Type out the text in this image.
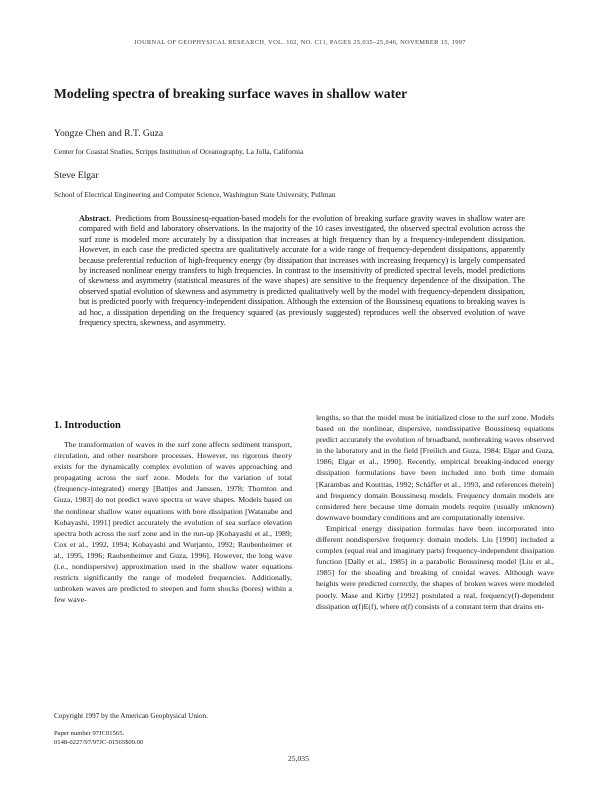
JOURNAL OF GEOPHYSICAL RESEARCH, VOL. 102, NO. C11, PAGES 25,035–25,046, NOVEMBER 15, 1997
Modeling spectra of breaking surface waves in shallow water
Yongze Chen and R.T. Guza
Center for Coastal Studies, Scripps Institution of Oceanography, La Jolla, California
Steve Elgar
School of Electrical Engineering and Computer Science, Washington State University, Pullman

Abstract. Predictions from Boussinesq-equation-based models for the evolution of breaking surface gravity waves in shallow water are compared with field and laboratory observations. In the majority of the 10 cases investigated, the observed spectral evolution across the surf zone is modeled more accurately by a dissipation that increases at high frequency than by a frequency-independent dissipation. However, in each case the predicted spectra are qualitatively accurate for a wide range of frequency-dependent dissipations, apparently because preferential reduction of high-frequency energy (by dissipation that increases with increasing frequency) is largely compensated by increased nonlinear energy transfers to high frequencies. In contrast to the insensitivity of predicted spectral levels, model predictions of skewness and asymmetry (statistical measures of the wave shapes) are sensitive to the frequency dependence of the dissipation. The observed spatial evolution of skewness and asymmetry is predicted qualitatively well by the model with frequency-dependent dissipation, but is predicted poorly with frequency-independent dissipation. Although the extension of the Boussinesq equations to breaking waves is ad hoc, a dissipation depending on the frequency squared (as previously suggested) reproduces well the observed evolution of wave frequency spectra, skewness, and asymmetry.

1. Introduction

The transformation of waves in the surf zone affects sediment transport, circulation, and other nearshore processes. However, no rigorous theory exists for the dynamically complex evolution of waves approaching and propagating across the surf zone. Models for the variation of total (frequency-integrated) energy [Battjes and Janssen, 1978; Thornton and Guza, 1983] do not predict wave spectra or wave shapes. Models based on the nonlinear shallow water equations with bore dissipation [Watanabe and Kobayashi, 1991] predict accurately the evolution of sea surface elevation spectra both across the surf zone and in the run-up [Kobayashi et al., 1989; Cox et al., 1992, 1994; Kobayashi and Wurjanto, 1992; Raubenheimer et al., 1995, 1996; Raubenheimer and Guza, 1996]. However, the long wave (i.e., nondispersive) approximation used in the shallow water equations restricts significantly the range of modeled frequencies. Additionally, unbroken waves are predicted to steepen and form shocks (bores) within a few wave-

lengths, so that the model must be initialized close to the surf zone. Models based on the nonlinear, dispersive, nondissipative Boussinesq equations predict accurately the evolution of broadband, nonbreaking waves observed in the laboratory and in the field [Freilich and Guza, 1984; Elgar and Guza, 1986; Elgar et al., 1990]. Recently, empirical breaking-induced energy dissipation formulations have been included into both time domain [Karambas and Koutitas, 1992; Schäffer et al., 1993, and references therein] and frequency domain Boussinesq models. Frequency domain models are considered here because time domain models require (usually unknown) downwave boundary conditions and are computationally intensive.

Empirical energy dissipation formulas have been incorporated into different nondispersive frequency domain models. Liu [1990] included a complex (equal real and imaginary parts) frequency-independent dissipation function [Dally et al., 1985] in a parabolic Boussinesq model [Liu et al., 1985] for the shoaling and breaking of cnoidal waves. Although wave heights were predicted correctly, the shapes of broken waves were modeled poorly. Mase and Kirby [1992] postulated a real, frequency(f)-dependent dissipation α(f)E(f), where α(f) consists of a constant term that drains en-

Copyright 1997 by the American Geophysical Union.
Paper number 97JC01565.
0148-0227/97/97JC-01565$09.00
25,035
